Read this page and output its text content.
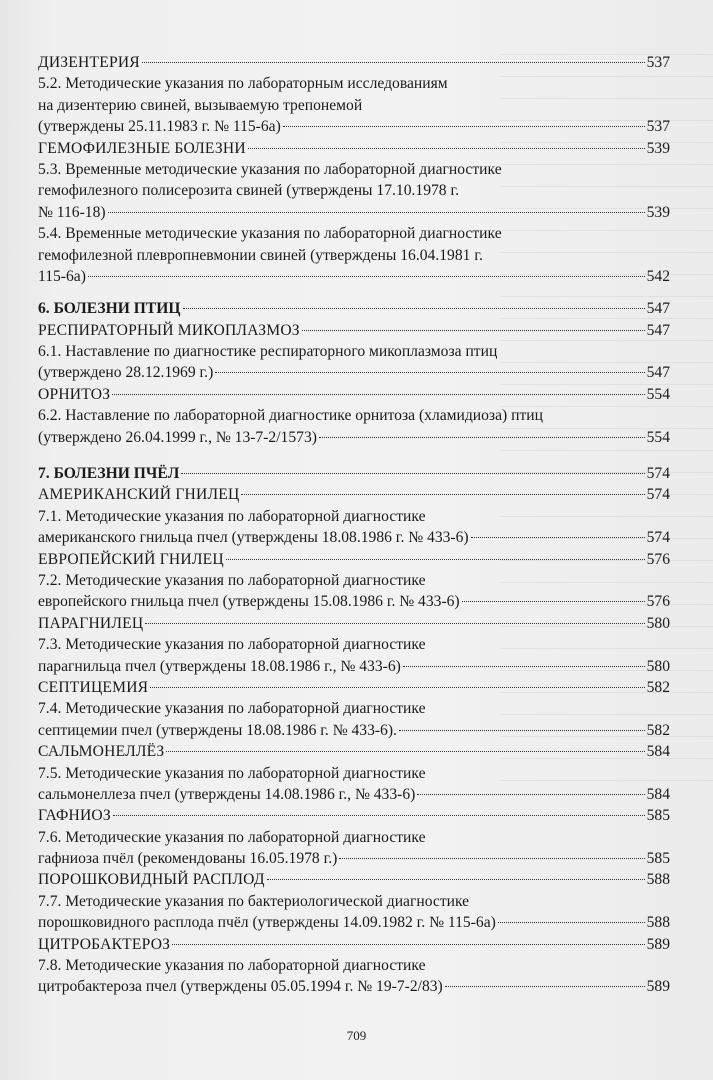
ДИЗЕНТЕРИЯ	537
5.2. Методические указания по лабораторным исследованиям
на дизентерию свиней, вызываемую трепонемой
(утверждены 25.11.1983 г. № 115-6а)	537
ГЕМОФИЛЕЗНЫЕ БОЛЕЗНИ	539
5.3. Временные методические указания по лабораторной диагностике
гемофилезного полисерозита свиней (утверждены 17.10.1978 г.
№ 116-18)	539
5.4. Временные методические указания по лабораторной диагностике
гемофилезной плевропневмонии свиней (утверждены 16.04.1981 г.
115-6а)	542
6. БОЛЕЗНИ ПТИЦ	547
РЕСПИРАТОРНЫЙ МИКОПЛАЗМОЗ	547
6.1. Наставление по диагностике респираторного микоплазмоза птиц
(утверждено 28.12.1969 г.)	547
ОРНИТОЗ	554
6.2. Наставление по лабораторной диагностике орнитоза (хламидиоза) птиц
(утверждено 26.04.1999 г., № 13-7-2/1573)	554
7. БОЛЕЗНИ ПЧЁЛ	574
АМЕРИКАНСКИЙ ГНИЛЕЦ	574
7.1. Методические указания по лабораторной диагностике
американского гнильца пчел (утверждены 18.08.1986 г. № 433-6)	574
ЕВРОПЕЙСКИЙ ГНИЛЕЦ	576
7.2. Методические указания по лабораторной диагностике
европейского гнильца пчел (утверждены 15.08.1986 г. № 433-6)	576
ПАРАГНИЛЕЦ	580
7.3. Методические указания по лабораторной диагностике
парагнильца пчел (утверждены 18.08.1986 г., № 433-6)	580
СЕПТИЦЕМИЯ	582
7.4. Методические указания по лабораторной диагностике
септицемии пчел (утверждены 18.08.1986 г. № 433-6).	582
САЛЬМОНЕЛЛЁЗ	584
7.5. Методические указания по лабораторной диагностике
сальмонеллеза пчел (утверждены 14.08.1986 г., № 433-6)	584
ГАФНИОЗ	585
7.6. Методические указания по лабораторной диагностике
гафниоза пчёл (рекомендованы 16.05.1978 г.)	585
ПОРОШКОВИДНЫЙ РАСПЛОД	588
7.7. Методические указания по бактериологической диагностике
порошковидного расплода пчёл (утверждены 14.09.1982 г. № 115-6а)	588
ЦИТРОБАКТЕРОЗ	589
7.8. Методические указания по лабораторной диагностике
цитробактероза пчел (утверждены 05.05.1994 г. № 19-7-2/83)	589
709
